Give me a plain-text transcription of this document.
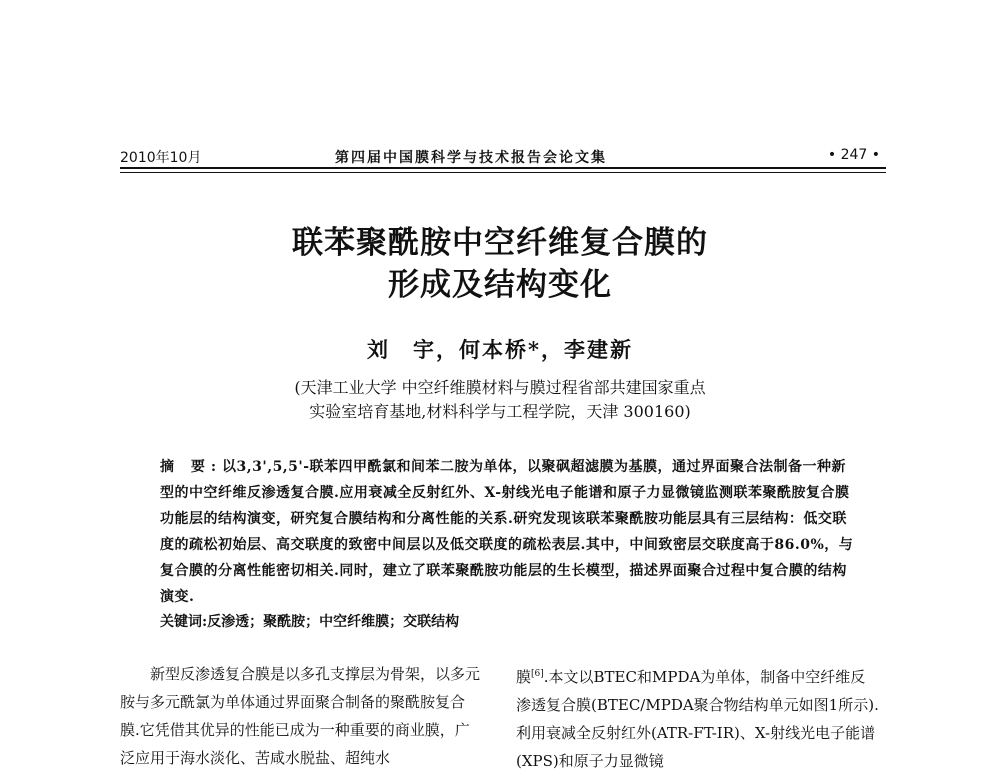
2010年10月	第四届中国膜科学与技术报告会论文集	• 247 •
联苯聚酰胺中空纤维复合膜的
形成及结构变化
刘　宇，何本桥*，李建新
(天津工业大学 中空纤维膜材料与膜过程省部共建国家重点
实验室培育基地,材料科学与工程学院，天津 300160)
摘 要:以3,3',5,5'-联苯四甲酰氯和间苯二胺为单体，以聚砜超滤膜为基膜，通过界面聚合法制备一种新型的中空纤维反渗透复合膜.应用衰减全反射红外、X-射线光电子能谱和原子力显微镜监测联苯聚酰胺复合膜功能层的结构演变，研究复合膜结构和分离性能的关系.研究发现该联苯聚酰胺功能层具有三层结构：低交联度的疏松初始层、高交联度的致密中间层以及低交联度的疏松表层.其中，中间致密层交联度高于86.0%，与复合膜的分离性能密切相关.同时，建立了联苯聚酰胺功能层的生长模型，描述界面聚合过程中复合膜的结构演变.
关键词:反渗透；聚酰胺；中空纤维膜；交联结构

新型反渗透复合膜是以多孔支撑层为骨架，以多元胺与多元酰氯为单体通过界面聚合制备的聚酰胺复合膜.它凭借其优异的性能已成为一种重要的商业膜，广泛应用于海水淡化、苦咸水脱盐、超纯水

膜[6].本文以BTEC和MPDA为单体，制备中空纤维反渗透复合膜(BTEC/MPDA聚合物结构单元如图1所示).利用衰减全反射红外(ATR-FT-IR)、X-射线光电子能谱(XPS)和原子力显微镜
